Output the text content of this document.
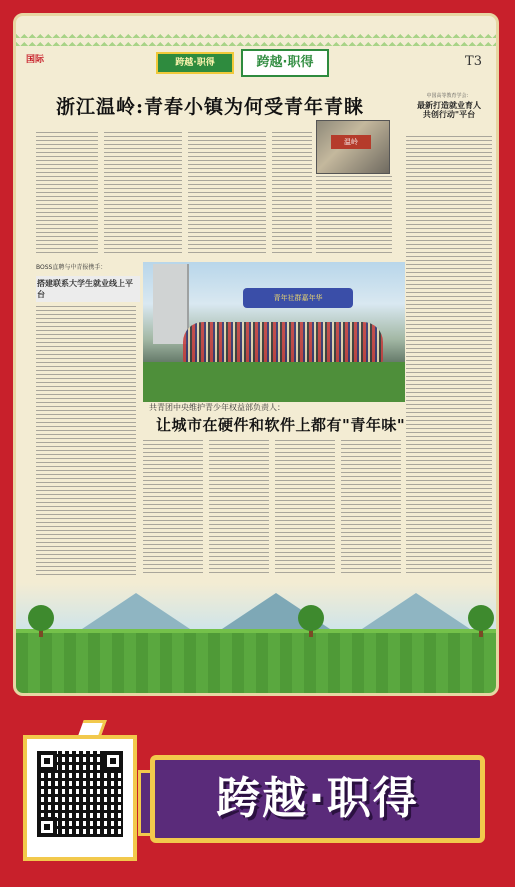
国际	跨越·职得	跨越·职得	T3
浙江温岭:青春小镇为何受青年青睐	中国高等教育学会：
最新打造就业育人
共创行动"平台
温岭
BOSS直聘与中青报携手：
搭建联系大学生就业线上平台	青年社群嘉年华
共青团中央维护青少年权益部负责人：
让城市在硬件和软件上都有"青年味"
跨越·职得
